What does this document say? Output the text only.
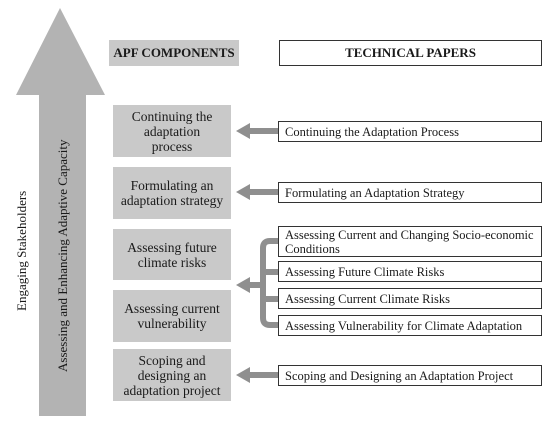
Engaging Stakeholders Assessing and Enhancing Adaptive Capacity
APF COMPONENTS	TECHNICAL PAPERS
Continuing the adaptation process
Formulating an adaptation strategy
Assessing future climate risks
Assessing current vulnerability
Scoping and designing an adaptation project
Continuing the Adaptation Process
Formulating an Adaptation Strategy
Assessing Current and Changing Socio-economic Conditions
Assessing Future Climate Risks
Assessing Current Climate Risks
Assessing Vulnerability for Climate Adaptation
Scoping and Designing an Adaptation Project
